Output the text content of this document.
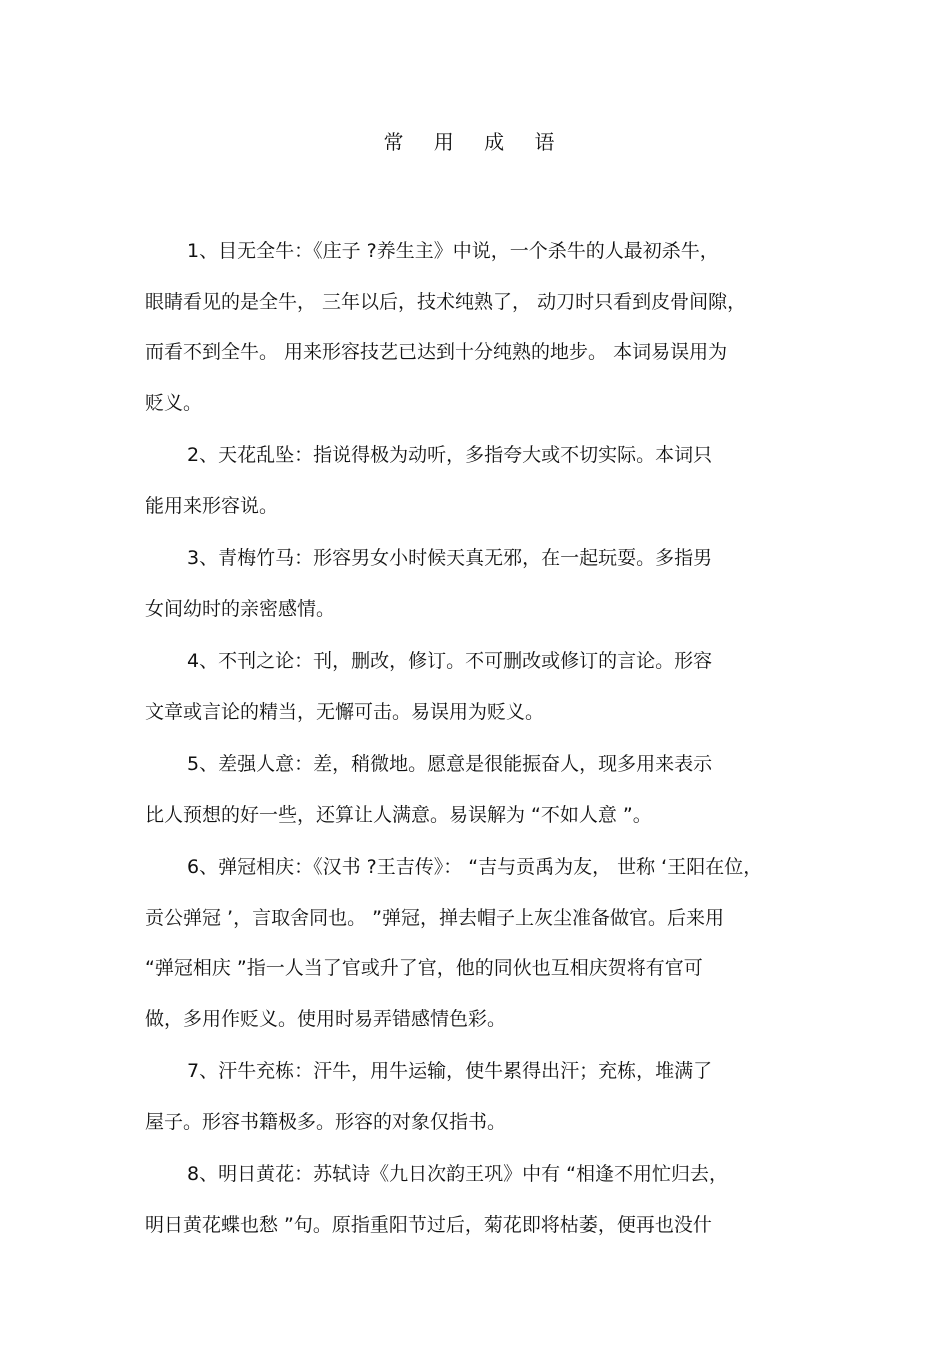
常 用 成 语
1、目无全牛：《庄子 ?养生主》中说，一个杀牛的人最初杀牛，
眼睛看见的是全牛， 三年以后，技术纯熟了， 动刀时只看到皮骨间隙，
而看不到全牛。 用来形容技艺已达到十分纯熟的地步。 本词易误用为
贬义。
2、天花乱坠：指说得极为动听，多指夸大或不切实际。本词只
能用来形容说。
3、青梅竹马：形容男女小时候天真无邪，在一起玩耍。多指男
女间幼时的亲密感情。
4、不刊之论：刊，删改，修订。不可删改或修订的言论。形容
文章或言论的精当，无懈可击。易误用为贬义。
5、差强人意：差，稍微地。愿意是很能振奋人，现多用来表示
比人预想的好一些，还算让人满意。易误解为 “不如人意 ”。
6、弹冠相庆：《汉书 ?王吉传》： “吉与贡禹为友， 世称 ‘王阳在位，
贡公弹冠 ’，言取舍同也。 ”弹冠，掸去帽子上灰尘准备做官。后来用
“弹冠相庆 ”指一人当了官或升了官，他的同伙也互相庆贺将有官可
做，多用作贬义。使用时易弄错感情色彩。
7、汗牛充栋：汗牛，用牛运输，使牛累得出汗；充栋，堆满了
屋子。形容书籍极多。形容的对象仅指书。
8、明日黄花：苏轼诗《九日次韵王巩》中有 “相逢不用忙归去，
明日黄花蝶也愁 ”句。原指重阳节过后，菊花即将枯萎，便再也没什
